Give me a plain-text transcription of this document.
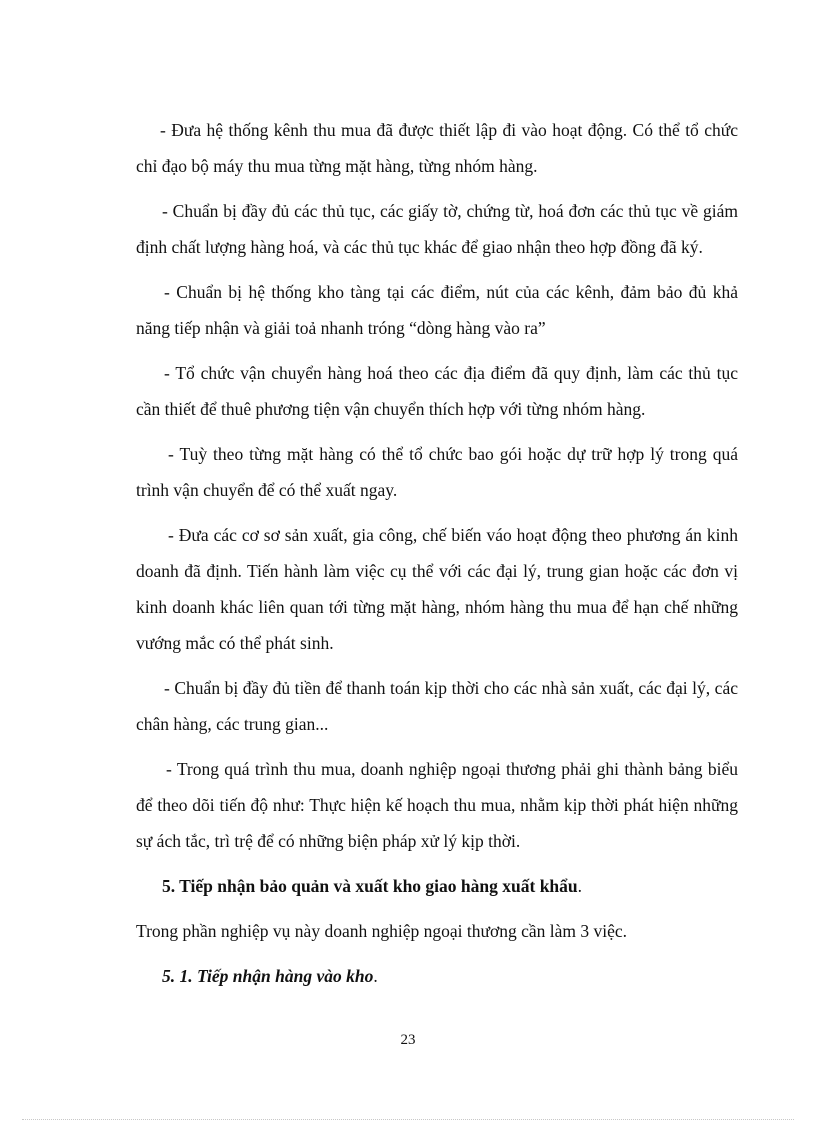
- Đưa hệ thống kênh thu mua đã được thiết lập đi vào hoạt động. Có thể tổ chức chỉ đạo bộ máy thu mua từng mặt hàng, từng nhóm hàng.

- Chuẩn bị đầy đủ các thủ tục, các giấy tờ, chứng từ, hoá đơn các thủ tục về giám định chất lượng hàng hoá, và các thủ tục khác để giao nhận theo hợp đồng đã ký.

- Chuẩn bị hệ thống kho tàng tại các điểm, nút của các kênh, đảm bảo đủ khả năng tiếp nhận và giải toả nhanh tróng “dòng hàng vào ra”

- Tổ chức vận chuyển hàng hoá theo các địa điểm đã quy định, làm các thủ tục cần thiết để thuê phương tiện vận chuyển thích hợp với từng nhóm hàng.

- Tuỳ theo từng mặt hàng có thể tổ chức bao gói hoặc dự trữ hợp lý trong quá trình vận chuyển để có thể xuất ngay.

- Đưa các cơ sơ sản xuất, gia công, chế biến váo hoạt động theo phương án kinh doanh đã định. Tiến hành làm việc cụ thể với các đại lý, trung gian hoặc các đơn vị kinh doanh khác liên quan tới từng mặt hàng, nhóm hàng thu mua để hạn chế những vướng mắc có thể phát sinh.

- Chuẩn bị đầy đủ tiền để thanh toán kịp thời cho các nhà sản xuất, các đại lý, các chân hàng, các trung gian...

- Trong quá trình thu mua, doanh nghiệp ngoại thương phải ghi thành bảng biểu để theo dõi tiến độ như: Thực hiện kế hoạch thu mua, nhằm kịp thời phát hiện những sự ách tắc, trì trệ để có những biện pháp xử lý kịp thời.

5. Tiếp nhận bảo quản và xuất kho giao hàng xuất khẩu.

Trong phần nghiệp vụ này doanh nghiệp ngoại thương cần làm 3 việc.

5. 1. Tiếp nhận hàng vào kho.

23
